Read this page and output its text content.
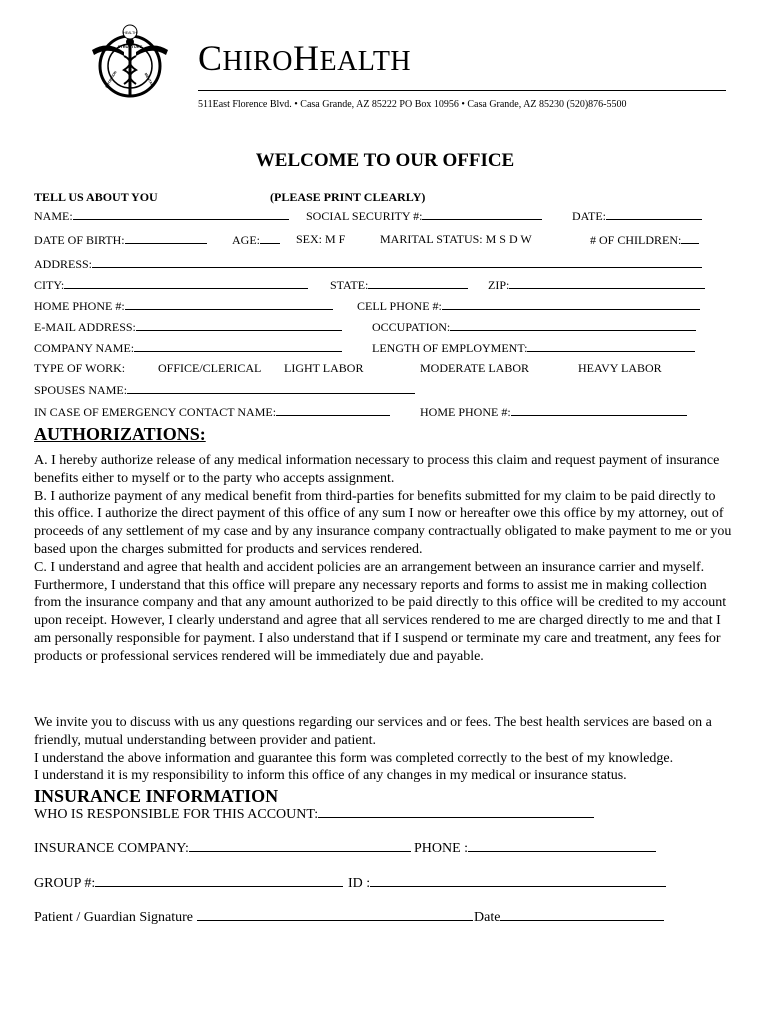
HEALTH
STRUCTURE
NUTRITION	MENTAL
CHIROHEALTH
511East Florence Blvd. • Casa Grande, AZ 85222 PO Box 10956 • Casa Grande, AZ 85230 (520)876-5500
WELCOME TO OUR OFFICE
TELL US ABOUT YOU	(PLEASE PRINT CLEARLY)
NAME:	SOCIAL SECURITY #:	DATE:
DATE OF BIRTH:	AGE:	SEX: M F	MARITAL STATUS: M S D W	# OF CHILDREN:
ADDRESS:
CITY:	STATE:	ZIP:
HOME PHONE #:	CELL PHONE #:
E-MAIL ADDRESS:	OCCUPATION:
COMPANY NAME:	LENGTH OF EMPLOYMENT:
TYPE OF WORK:	OFFICE/CLERICAL LIGHT LABOR	MODERATE LABOR	HEAVY LABOR
SPOUSES NAME:
IN CASE OF EMERGENCY CONTACT NAME:	HOME PHONE #:
AUTHORIZATIONS:

A. I hereby authorize release of any medical information necessary to process this claim and request payment of insurance benefits either to myself or to the party who accepts assignment.

B. I authorize payment of any medical benefit from third-parties for benefits submitted for my claim to be paid directly to this office. I authorize the direct payment of this office of any sum I now or hereafter owe this office by my attorney, out of proceeds of any settlement of my case and by any insurance company contractually obligated to make payment to me or you based upon the charges submitted for products and services rendered.

C. I understand and agree that health and accident policies are an arrangement between an insurance carrier and myself. Furthermore, I understand that this office will prepare any necessary reports and forms to assist me in making collection from the insurance company and that any amount authorized to be paid directly to this office will be credited to my account upon receipt. However, I clearly understand and agree that all services rendered to me are charged directly to me and that I am personally responsible for payment. I also understand that if I suspend or terminate my care and treatment, any fees for products or professional services rendered will be immediately due and payable.

We invite you to discuss with us any questions regarding our services and or fees. The best health services are based on a friendly, mutual understanding between provider and patient.

I understand the above information and guarantee this form was completed correctly to the best of my knowledge.

I understand it is my responsibility to inform this office of any changes in my medical or insurance status.

INSURANCE INFORMATION
WHO IS RESPONSIBLE FOR THIS ACCOUNT:
INSURANCE COMPANY:	PHONE :
GROUP #:	ID :
Patient / Guardian Signature	Date
